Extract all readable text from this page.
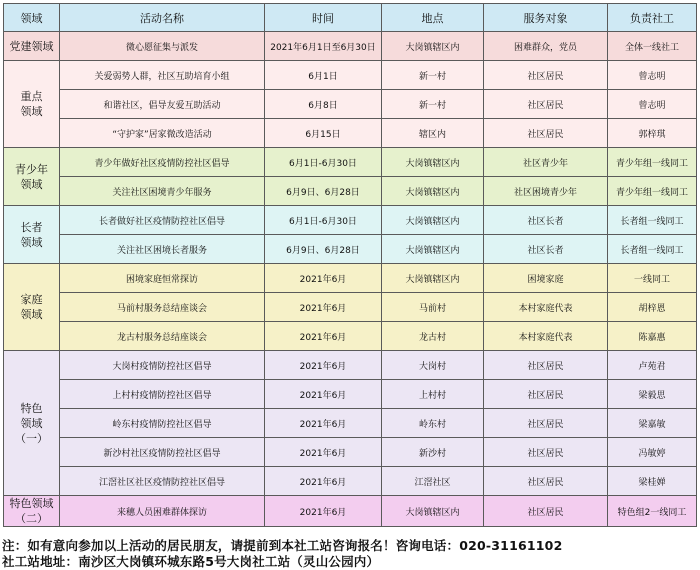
领域	活动名称	时间	地点	服务对象	负责社工
党建领域	微心愿征集与派发	2021年6月1日至6月30日	大岗镇辖区内	困难群众，党员	全体一线社工
重点
领域	关爱弱势人群，社区互助培育小组	6月1日	新一村	社区居民	曾志明
	和谐社区，倡导友爱互助活动	6月8日	新一村	社区居民	曾志明
	“守护家”居家微改造活动	6月15日	辖区内	社区居民	郭梓琪
青少年
领域	青少年做好社区疫情防控社区倡导	6月1日-6月30日	大岗镇辖区内	社区青少年	青少年组一线同工
	关注社区困境青少年服务	6月9日、6月28日	大岗镇辖区内	社区困境青少年	青少年组一线同工
长者
领域	长者做好社区疫情防控社区倡导	6月1日-6月30日	大岗镇辖区内	社区长者	长者组一线同工
	关注社区困境长者服务	6月9日、6月28日	大岗镇辖区内	社区长者	长者组一线同工
家庭
领域	困境家庭恒常探访	2021年6月	大岗镇辖区内	困境家庭	一线同工
	马前村服务总结座谈会	2021年6月	马前村	本村家庭代表	胡梓恩
	龙古村服务总结座谈会	2021年6月	龙古村	本村家庭代表	陈嘉惠
特色
领域
（一）	大岗村疫情防控社区倡导	2021年6月	大岗村	社区居民	卢苑君
	上村村疫情防控社区倡导	2021年6月	上村村	社区居民	梁毅思
	岭东村疫情防控社区倡导	2021年6月	岭东村	社区居民	梁嘉敏
	新沙村社区疫情防控社区倡导	2021年6月	新沙村	社区居民	冯敏婷
	江滘社区社区疫情防控社区倡导	2021年6月	江滘社区	社区居民	梁桂婵
特色领域
（二）	来穗人员困难群体探访	2021年6月	大岗镇辖区内	社区居民	特色组2一线同工
注：如有意向参加以上活动的居民朋友，请提前到本社工站咨询报名！咨询电话：020-31161102
社工站地址：南沙区大岗镇环城东路5号大岗社工站（灵山公园内）
